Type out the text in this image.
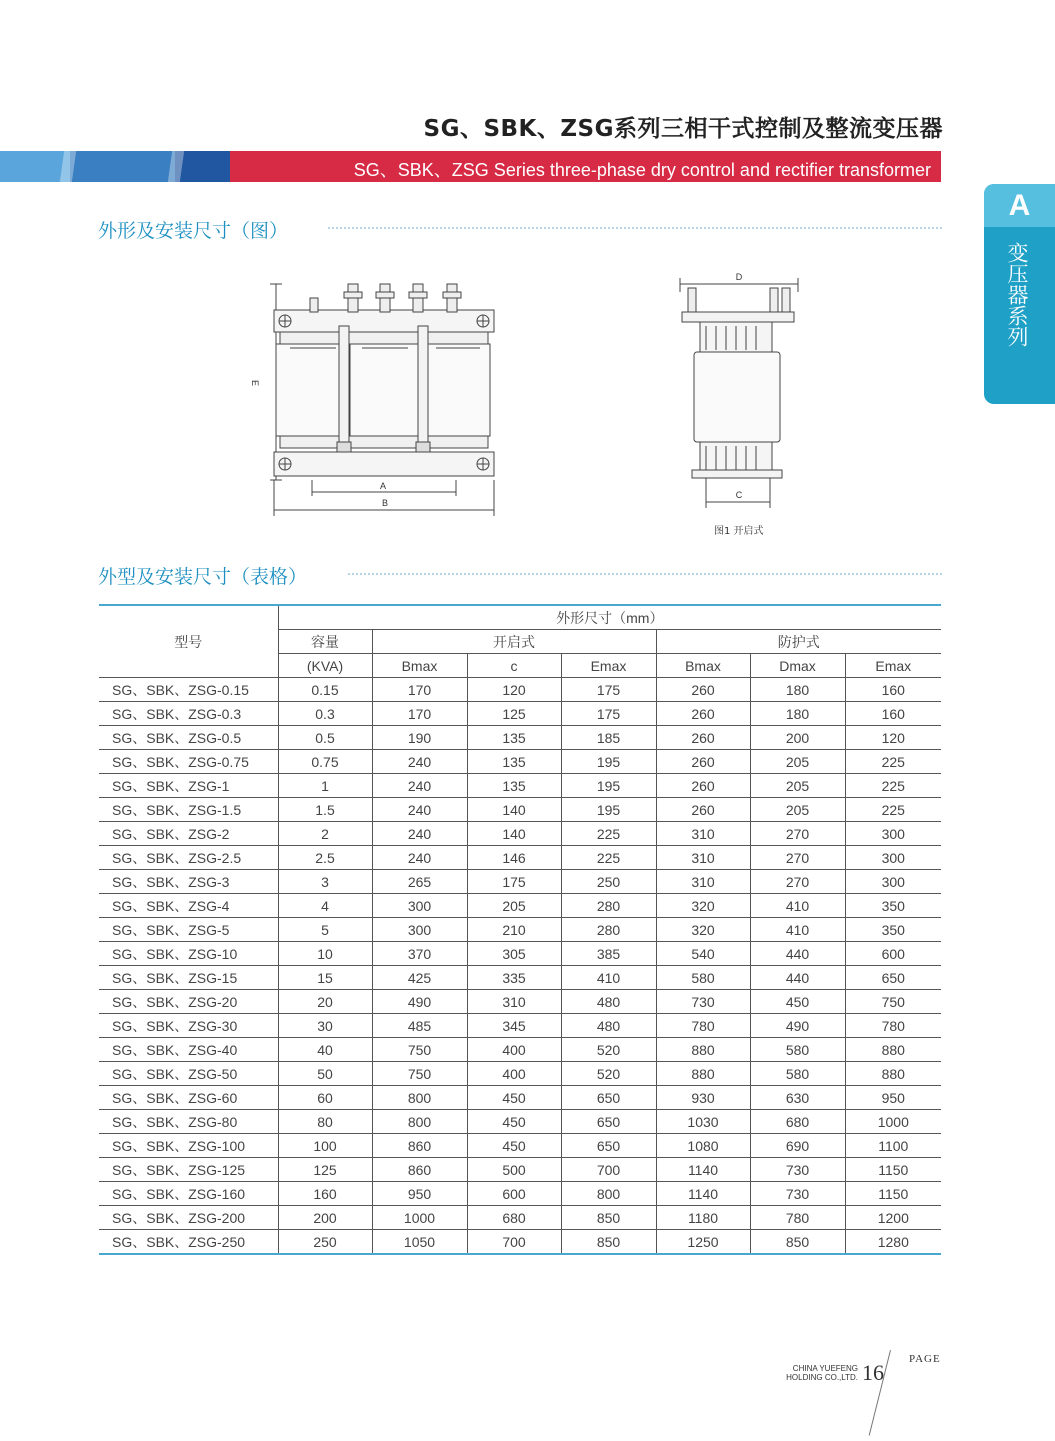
SG、SBK、ZSG系列三相干式控制及整流变压器
SG、SBK、ZSG Series three-phase dry control and rectifier transformer
A
变压器系列
外形及安装尺寸（图）
A
B
E
D
C
图1 开启式
外型及安装尺寸（表格）
型号	外形尺寸（mm）						
	容量	开启式			防护式		
	(KVA)	Bmax	c	Emax	Bmax	Dmax	Emax
SG、SBK、ZSG-0.15	0.15	170	120	175	260	180	160
SG、SBK、ZSG-0.3	0.3	170	125	175	260	180	160
SG、SBK、ZSG-0.5	0.5	190	135	185	260	200	120
SG、SBK、ZSG-0.75	0.75	240	135	195	260	205	225
SG、SBK、ZSG-1	1	240	135	195	260	205	225
SG、SBK、ZSG-1.5	1.5	240	140	195	260	205	225
SG、SBK、ZSG-2	2	240	140	225	310	270	300
SG、SBK、ZSG-2.5	2.5	240	146	225	310	270	300
SG、SBK、ZSG-3	3	265	175	250	310	270	300
SG、SBK、ZSG-4	4	300	205	280	320	410	350
SG、SBK、ZSG-5	5	300	210	280	320	410	350
SG、SBK、ZSG-10	10	370	305	385	540	440	600
SG、SBK、ZSG-15	15	425	335	410	580	440	650
SG、SBK、ZSG-20	20	490	310	480	730	450	750
SG、SBK、ZSG-30	30	485	345	480	780	490	780
SG、SBK、ZSG-40	40	750	400	520	880	580	880
SG、SBK、ZSG-50	50	750	400	520	880	580	880
SG、SBK、ZSG-60	60	800	450	650	930	630	950
SG、SBK、ZSG-80	80	800	450	650	1030	680	1000
SG、SBK、ZSG-100	100	860	450	650	1080	690	1100
SG、SBK、ZSG-125	125	860	500	700	1140	730	1150
SG、SBK、ZSG-160	160	950	600	800	1140	730	1150
SG、SBK、ZSG-200	200	1000	680	850	1180	780	1200
SG、SBK、ZSG-250	250	1050	700	850	1250	850	1280
CHINA YUEFENG
HOLDING CO.,LTD. 16
PAGE
